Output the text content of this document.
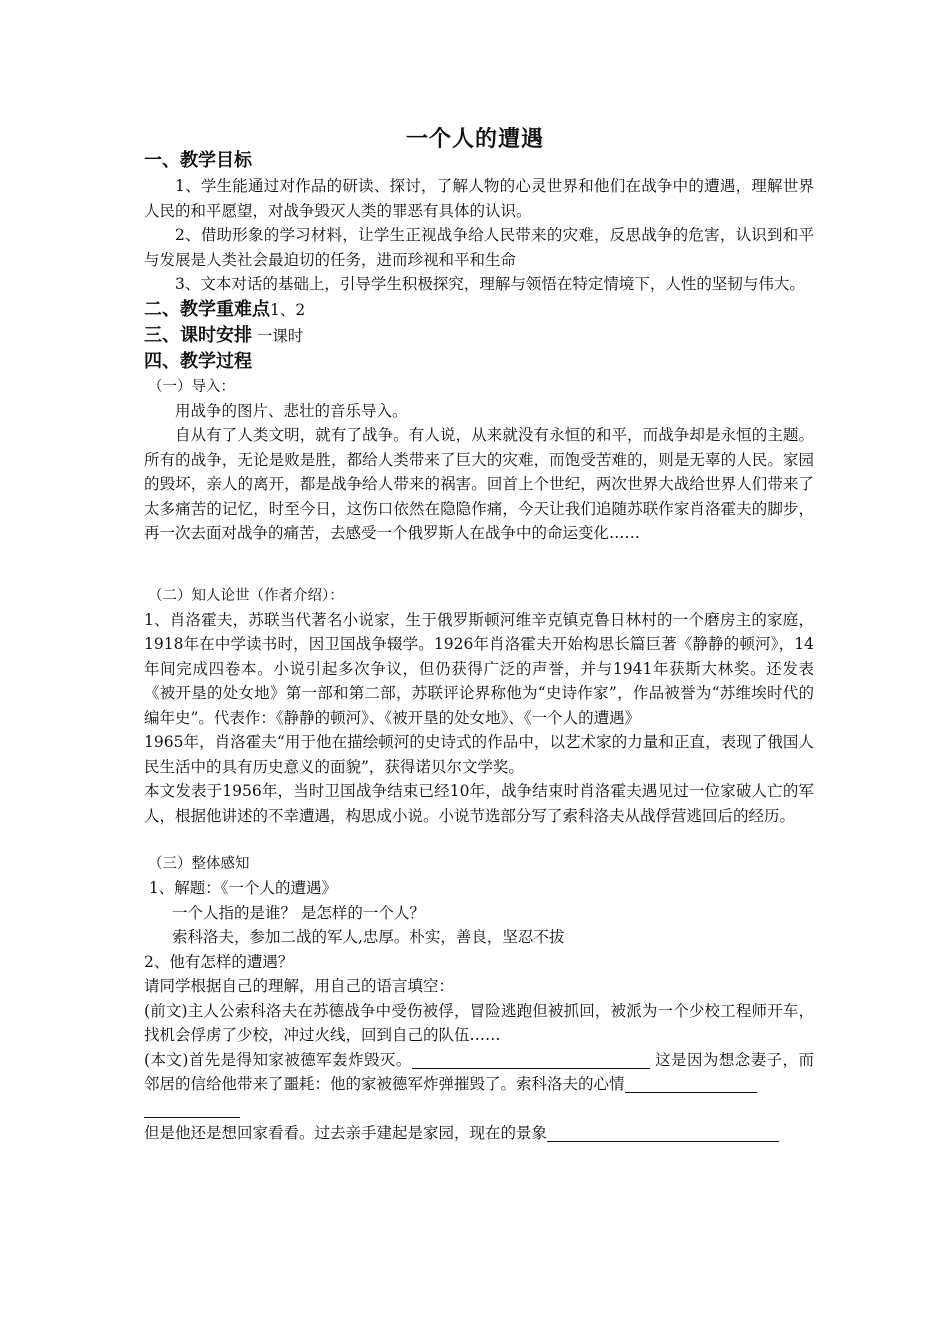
一个人的遭遇
一、教学目标

1、学生能通过对作品的研读、探讨，了解人物的心灵世界和他们在战争中的遭遇，理解世界人民的和平愿望，对战争毁灭人类的罪恶有具体的认识。

2、借助形象的学习材料，让学生正视战争给人民带来的灾难，反思战争的危害，认识到和平与发展是人类社会最迫切的任务，进而珍视和平和生命

3、文本对话的基础上，引导学生积极探究，理解与领悟在特定情境下，人性的坚韧与伟大。

二、教学重难点1、2
三、课时安排 一课时
四、教学过程

（一）导入：

用战争的图片、悲壮的音乐导入。

自从有了人类文明，就有了战争。有人说，从来就没有永恒的和平，而战争却是永恒的主题。所有的战争，无论是败是胜，都给人类带来了巨大的灾难，而饱受苦难的，则是无辜的人民。家园的毁坏，亲人的离开，都是战争给人带来的祸害。回首上个世纪，两次世界大战给世界人们带来了太多痛苦的记忆，时至今日，这伤口依然在隐隐作痛，今天让我们追随苏联作家肖洛霍夫的脚步，再一次去面对战争的痛苦，去感受一个俄罗斯人在战争中的命运变化……

（二）知人论世（作者介绍）：

1、肖洛霍夫，苏联当代著名小说家，生于俄罗斯顿河维辛克镇克鲁日林村的一个磨房主的家庭，1918年在中学读书时，因卫国战争辍学。1926年肖洛霍夫开始构思长篇巨著《静静的顿河》，14年间完成四卷本。小说引起多次争议，但仍获得广泛的声誉，并与1941年获斯大林奖。还发表《被开垦的处女地》第一部和第二部，苏联评论界称他为“史诗作家”，作品被誉为“苏维埃时代的编年史”。代表作：《静静的顿河》、《被开垦的处女地》、《一个人的遭遇》

1965年，肖洛霍夫“用于他在描绘顿河的史诗式的作品中，以艺术家的力量和正直，表现了俄国人民生活中的具有历史意义的面貌”，获得诺贝尔文学奖。

本文发表于1956年，当时卫国战争结束已经10年，战争结束时肖洛霍夫遇见过一位家破人亡的军人，根据他讲述的不幸遭遇，构思成小说。小说节选部分写了索科洛夫从战俘营逃回后的经历。

（三）整体感知

1、解题：《一个人的遭遇》

一个人指的是谁？ 是怎样的一个人？

索科洛夫，参加二战的军人,忠厚。朴实，善良，坚忍不拔

2、他有怎样的遭遇？

请同学根据自己的理解，用自己的语言填空：

(前文)主人公索科洛夫在苏德战争中受伤被俘，冒险逃跑但被抓回，被派为一个少校工程师开车，找机会俘虏了少校，冲过火线，回到自己的队伍……

(本文)首先是得知家被德军轰炸毁灭。	这是因为想念妻子，而邻居的信给他带来了噩耗：他的家被德军炸弹摧毁了。索科洛夫的心情

但是他还是想回家看看。过去亲手建起是家园，现在的景象
